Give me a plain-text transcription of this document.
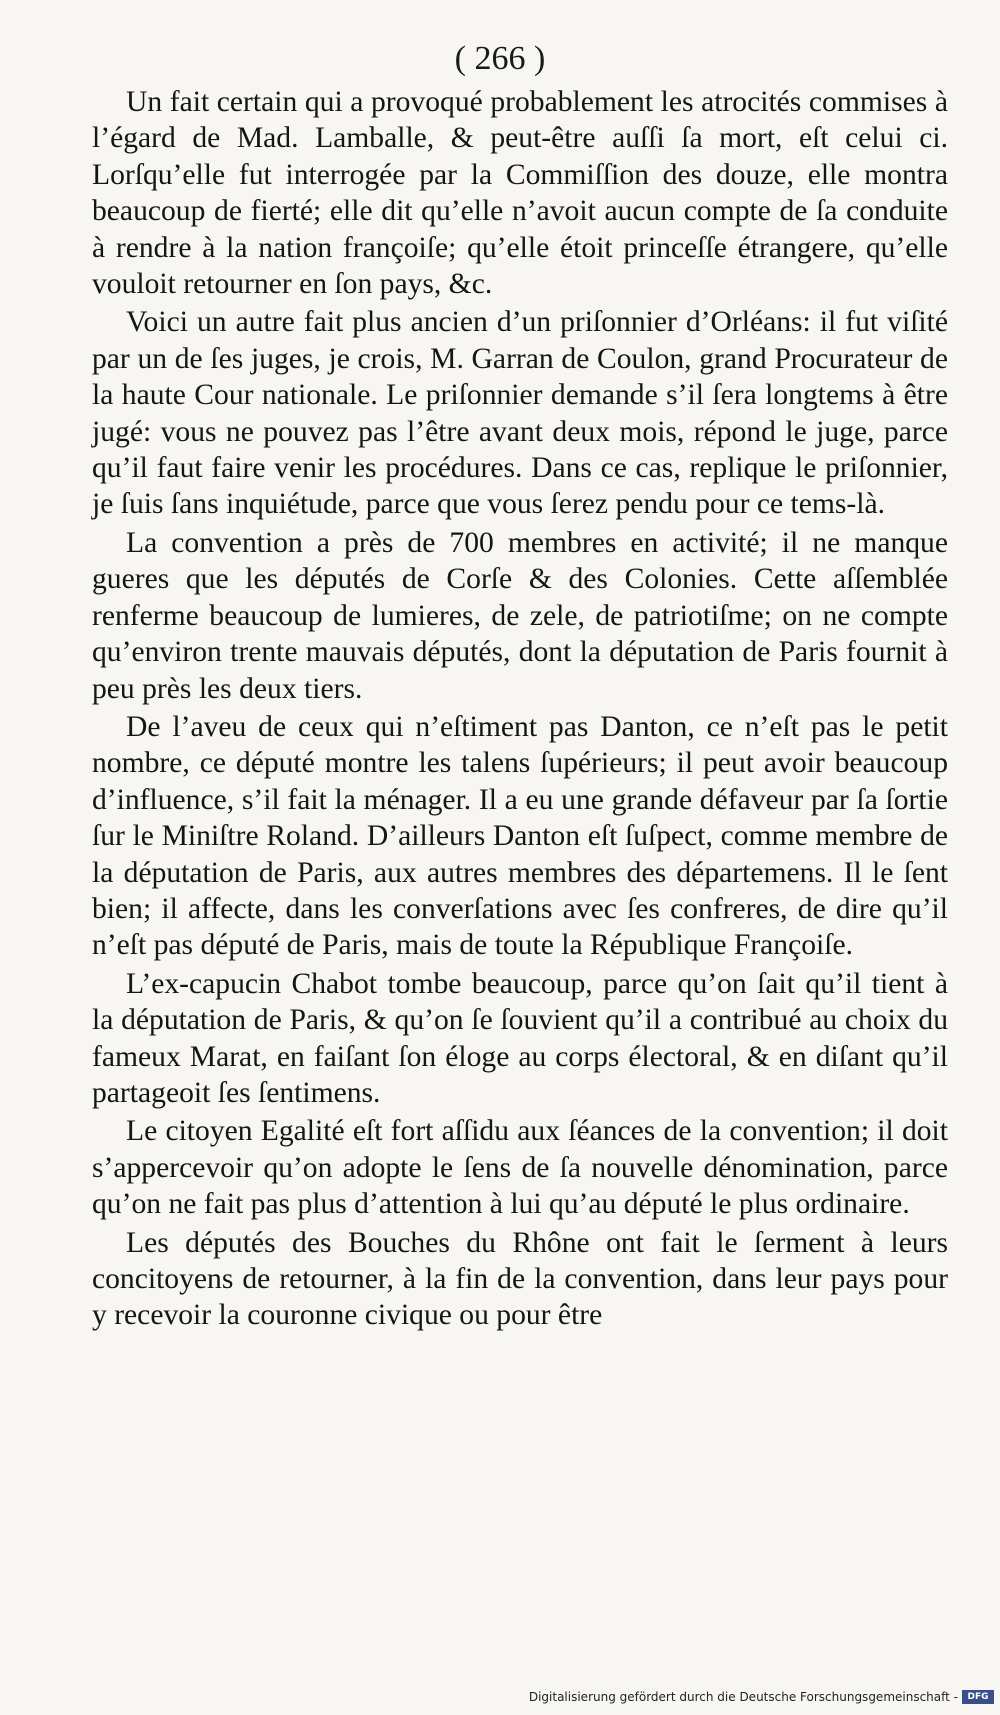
( 266 )

Un fait certain qui a provoqué probablement les atrocités commises à l’égard de Mad. Lamballe, & peut-être auſſi ſa mort, eſt celui ci. Lorſqu’elle fut interrogée par la Commiſſion des douze, elle montra beaucoup de fierté; elle dit qu’elle n’avoit aucun compte de ſa conduite à rendre à la nation françoiſe; qu’elle étoit princeſſe étrangere, qu’elle vouloit retourner en ſon pays, &c.

Voici un autre fait plus ancien d’un priſonnier d’Orléans: il fut viſité par un de ſes juges, je crois, M. Garran de Coulon, grand Procurateur de la haute Cour nationale. Le priſonnier demande s’il ſera longtems à être jugé: vous ne pouvez pas l’être avant deux mois, répond le juge, parce qu’il faut faire venir les procédures. Dans ce cas, replique le priſonnier, je ſuis ſans inquiétude, parce que vous ſerez pendu pour ce tems-là.

La convention a près de 700 membres en activité; il ne manque gueres que les députés de Corſe & des Colonies. Cette aſſemblée renferme beaucoup de lumieres, de zele, de patriotiſme; on ne compte qu’environ trente mauvais députés, dont la députation de Paris fournit à peu près les deux tiers.

De l’aveu de ceux qui n’eſtiment pas Danton, ce n’eſt pas le petit nombre, ce député montre les talens ſupérieurs; il peut avoir beaucoup d’influence, s’il fait la ménager. Il a eu une grande défaveur par ſa ſortie ſur le Miniſtre Roland. D’ailleurs Danton eſt ſuſpect, comme membre de la députation de Paris, aux autres membres des départemens. Il le ſent bien; il affecte, dans les converſations avec ſes confreres, de dire qu’il n’eſt pas député de Paris, mais de toute la République Françoiſe.

L’ex-capucin Chabot tombe beaucoup, parce qu’on ſait qu’il tient à la députation de Paris, & qu’on ſe ſouvient qu’il a contribué au choix du fameux Marat, en faiſant ſon éloge au corps électoral, & en diſant qu’il partageoit ſes ſentimens.

Le citoyen Egalité eſt fort aſſidu aux ſéances de la convention; il doit s’appercevoir qu’on adopte le ſens de ſa nouvelle dénomination, parce qu’on ne fait pas plus d’attention à lui qu’au député le plus ordinaire.

Les députés des Bouches du Rhône ont fait le ſerment à leurs concitoyens de retourner, à la fin de la convention, dans leur pays pour y recevoir la couronne civique ou pour être

Digitalisierung gefördert durch die Deutsche Forschungsgemeinschaft -	DFG
